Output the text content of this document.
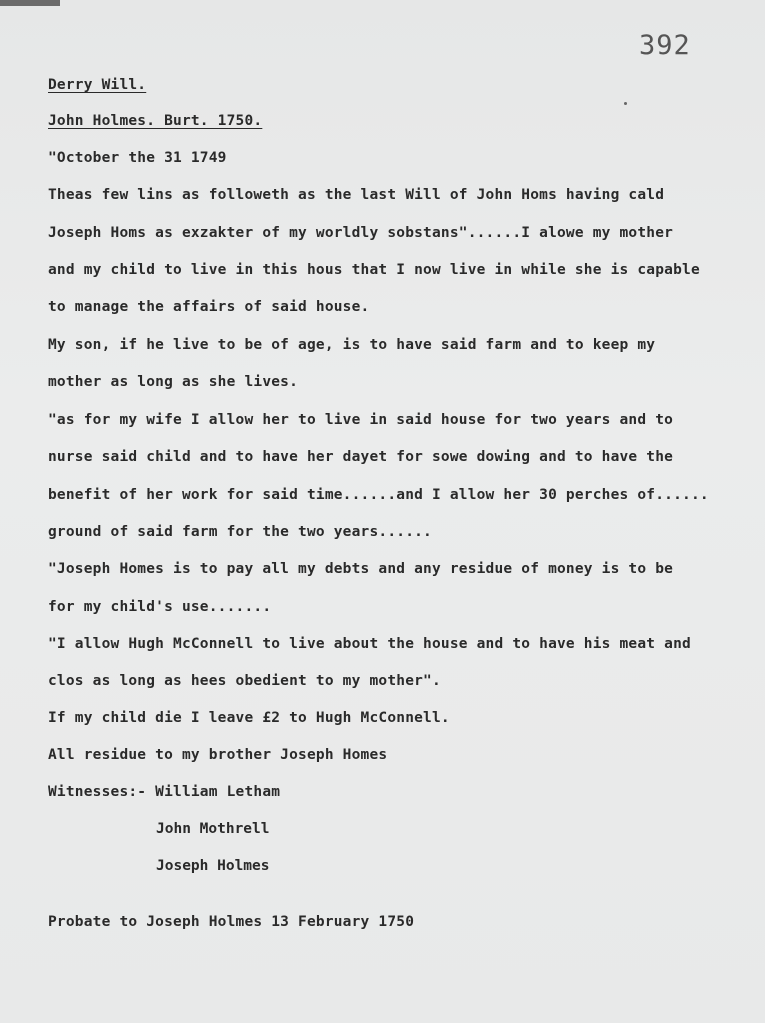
392
Derry Will.
John Holmes. Burt. 1750.
"October the 31 1749
Theas few lins as followeth as the last Will of John Homs having cald
Joseph Homs as exzakter of my worldly sobstans"......I alowe my mother
and my child to live in this hous that I now live in while she is capable
to manage the affairs of said house.
My son, if he live to be of age, is to have said farm and to keep my
mother as long as she lives.
"as for my wife I allow her to live in said house for two years and to
nurse said child and to have her dayet for sowe dowing and to have the
benefit of her work for said time......and I allow her 30 perches of......
ground of said farm for the two years......
"Joseph Homes is to pay all my debts and any residue of money is to be
for my child's use.......
"I allow Hugh McConnell to live about the house and to have his meat and
clos as long as hees obedient to my mother".
If my child die I leave £2 to Hugh McConnell.
All residue to my brother Joseph Homes
Witnesses:- William Letham
John Mothrell
Joseph Holmes
Probate to Joseph Holmes 13 February 1750
